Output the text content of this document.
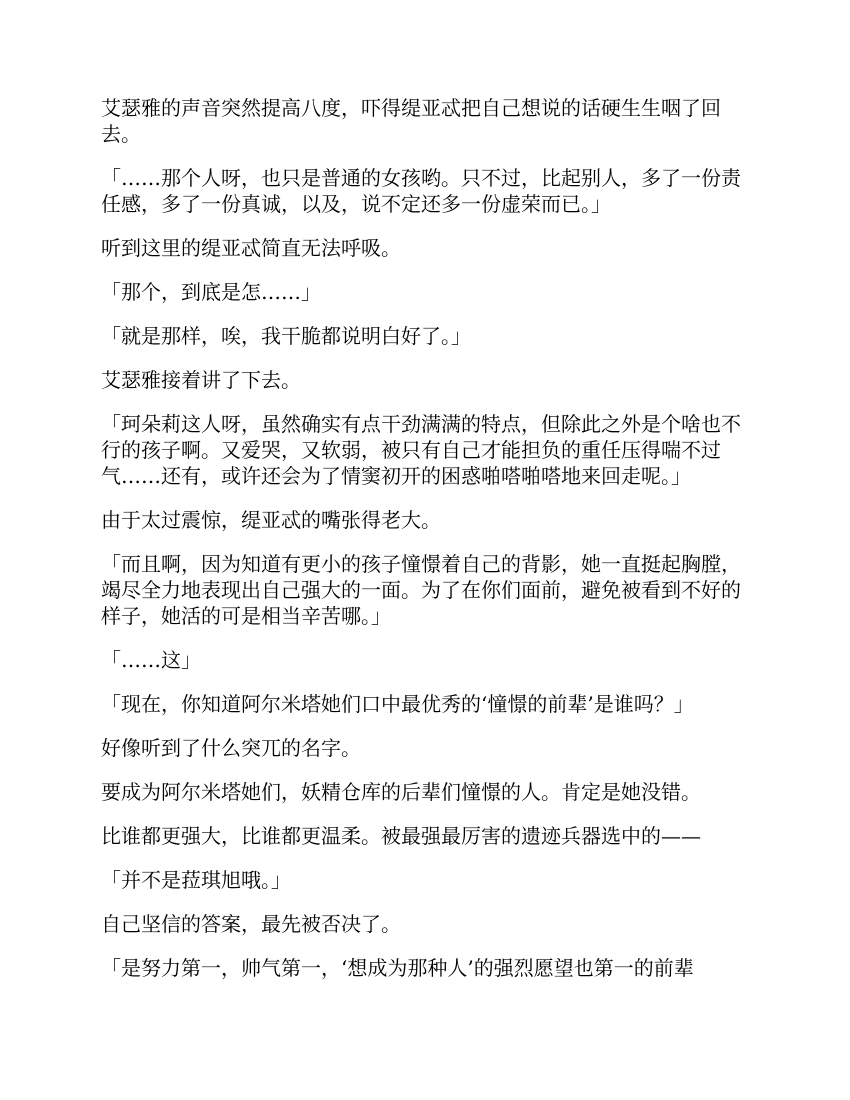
艾瑟雅的声音突然提高八度，吓得缇亚忒把自己想说的话硬生生咽了回去。

「……那个人呀，也只是普通的女孩哟。只不过，比起别人，多了一份责任感，多了一份真诚，以及，说不定还多一份虚荣而已。」

听到这里的缇亚忒简直无法呼吸。

「那个，到底是怎……」

「就是那样，唉，我干脆都说明白好了。」

艾瑟雅接着讲了下去。

「珂朵莉这人呀，虽然确实有点干劲满满的特点，但除此之外是个啥也不行的孩子啊。又爱哭，又软弱，被只有自己才能担负的重任压得喘不过气……还有，或许还会为了情窦初开的困惑啪嗒啪嗒地来回走呢。」

由于太过震惊，缇亚忒的嘴张得老大。

「而且啊，因为知道有更小的孩子憧憬着自己的背影，她一直挺起胸膛，竭尽全力地表现出自己强大的一面。为了在你们面前，避免被看到不好的样子，她活的可是相当辛苦哪。」

「……这」

「现在，你知道阿尔米塔她们口中最优秀的‘憧憬的前辈’是谁吗？」

好像听到了什么突兀的名字。

要成为阿尔米塔她们，妖精仓库的后辈们憧憬的人。肯定是她没错。

比谁都更强大，比谁都更温柔。被最强最厉害的遗迹兵器选中的——

「并不是菈琪旭哦。」

自己坚信的答案，最先被否决了。

「是努力第一，帅气第一，‘想成为那种人’的强烈愿望也第一的前辈
